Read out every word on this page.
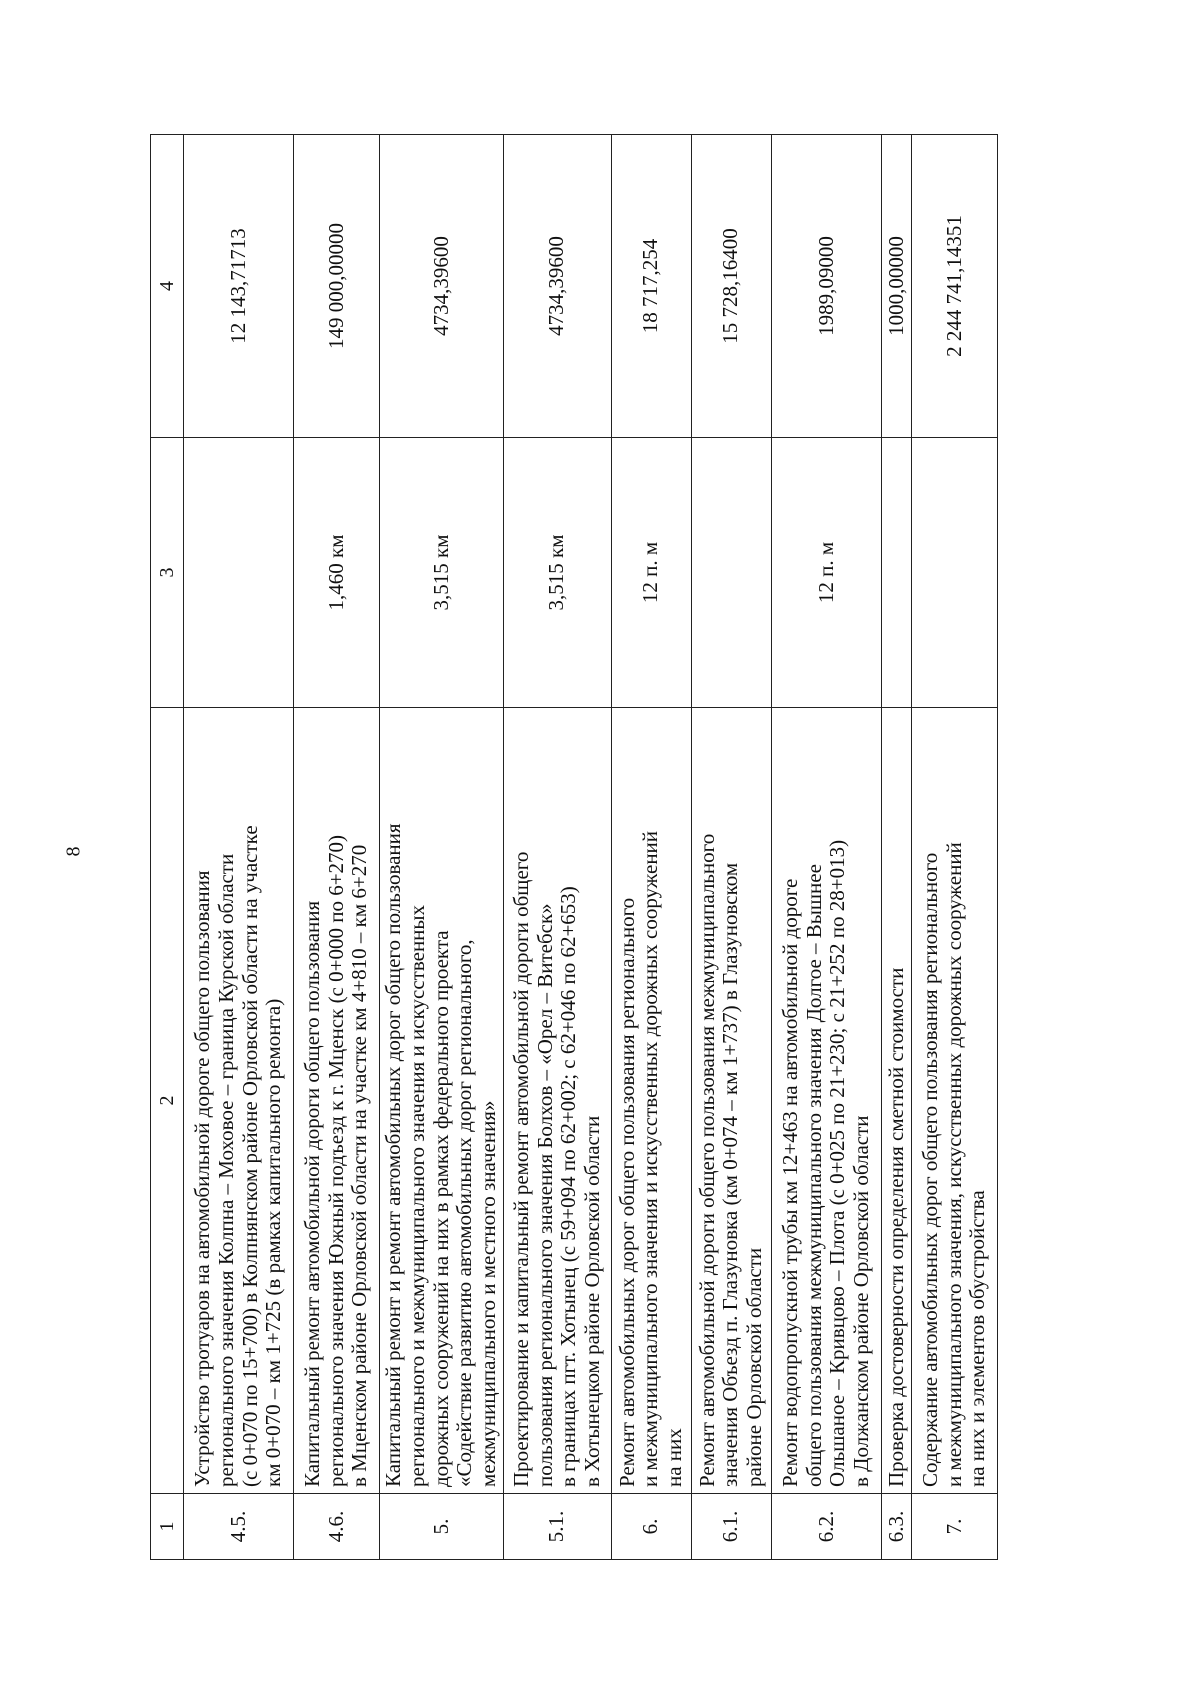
8
1	2	3	4
4.5.	Устройство тротуаров на автомобильной дороге общего пользования регионального значения Колпна – Моховое – граница Курской области (с 0+070 по 15+700) в Колпнянском районе Орловской области на участке км 0+070 – км 1+725 (в рамках капитального ремонта)		12 143,71713
4.6.	Капитальный ремонт автомобильной дороги общего пользования регионального значения Южный подъезд к г. Мценск (с 0+000 по 6+270) в Мценском районе Орловской области на участке км 4+810 – км 6+270	1,460 км	149 000,00000
5.	Капитальный ремонт и ремонт автомобильных дорог общего пользования регионального и межмуниципального значения и искусственных дорожных сооружений на них в рамках федерального проекта «Содействие развитию автомобильных дорог регионального, межмуниципального и местного значения»	3,515 км	4734,39600
5.1.	Проектирование и капитальный ремонт автомобильной дороги общего пользования регионального значения Болхов – «Орел – Витебск» в границах пгт. Хотынец (с 59+094 по 62+002; с 62+046 по 62+653) в Хотынецком районе Орловской области	3,515 км	4734,39600
6.	Ремонт автомобильных дорог общего пользования регионального и межмуниципального значения и искусственных дорожных сооружений на них	12 п. м	18 717,254
6.1.	Ремонт автомобильной дороги общего пользования межмуниципального значения Объезд п. Глазуновка (км 0+074 – км 1+737) в Глазуновском районе Орловской области		15 728,16400
6.2.	Ремонт водопропускной трубы км 12+463 на автомобильной дороге общего пользования межмуниципального значения Долгое – Вышнее Ольшаное – Кривцово – Плота (с 0+025 по 21+230; с 21+252 по 28+013) в Должанском районе Орловской области	12 п. м	1989,09000
6.3.	Проверка достоверности определения сметной стоимости		1000,00000
7.	Содержание автомобильных дорог общего пользования регионального и межмуниципального значения, искусственных дорожных сооружений на них и элементов обустройства		2 244 741,14351
